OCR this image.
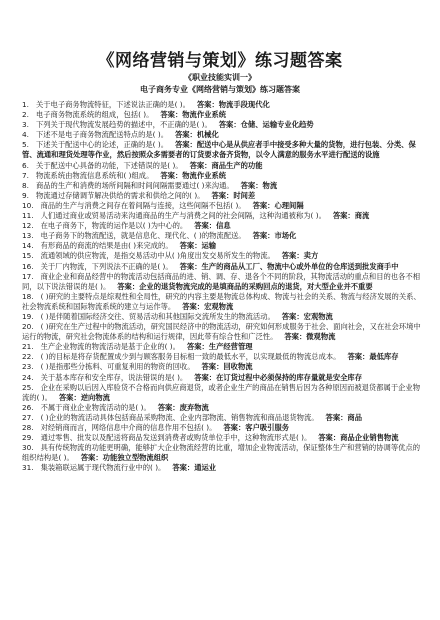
《网络营销与策划》练习题答案
《职业技能实训一》
电子商务专业《网络营销与策划》练习题答案

1. 关于电子商务物流特征，下述说法正确的是( )。 答案：物流手段现代化

2. 电子商务物流系统的组成，包括( )。 答案：物流作业系统

3. 下列关于现代物流发展趋势的描述中，不正确的是( )。 答案：仓储、运输专业化趋势

4. 下述不是电子商务物流配送特点的是( )。 答案：机械化

5. 下述关于配送中心的论述，正确的是( )。 答案：配送中心是从供应者手中接受多种大量的货物，进行包装、分类、保管、流通和理货处理等作业，然后按照众多需要者的订货要求备齐货物，以令人满意的服务水平进行配送的设施

6. 关于配送中心具备的功能，下述错误的是( )。 答案：商品生产的功能

7. 物流系统由物流信息系统和( )组成。 答案：物流作业系统

8. 商品的生产和消费的场所间隔和时间间隔需要通过( )来沟通。 答案：物流

9. 物流通过存储调节解决供给的需求和供给之间的( )。 答案：时间差

10. 商品的生产与消费之间存在着间隔与连接，这些间隔不包括( )。 答案：心理间隔

11. 人们通过商业或贸易活动来沟通商品的生产与消费之间的社会间隔，这种沟通被称为( )。 答案：商流

12. 在电子商务下，物流的运作是以( )为中心的。 答案：信息

13. 电子商务下的物流配送，就是信息化、现代化、( )的物流配送。 答案：市场化

14. 有形商品的商流的结果是由( )来完成的。 答案：运输

15. 流通领域的供应物流，是指交易活动中从( )角度出发交易所发生的物流。 答案：卖方

16. 关于厂内物流，下列说法不正确的是( )。 答案：生产的商品从工厂、物流中心或外单位的仓库送到批发商手中

17. 商业企业和商品经营中的物流活动包括商品的进、销、调、存、退各个不同的阶段，其物流活动的重点和目的也各不相同，以下说法错误的是( )。 答案：企业的退货物流完成的是填商品的采购回点的退货，对大型企业并不重要

18. ( )研究的主要特点是综观性和全局性，研究的内容主要是物流总体构成、物流与社会的关系、物流与经济发展的关系、社会物流系统和国际物流系统的建立与运作等。 答案：宏观物流

19. ( )是伴随着国际经济交往、贸易活动和其他国际交流所发生的物流活动。 答案：宏观物流

20. ( )研究在生产过程中的物流活动，研究国民经济中的物流活动，研究如何形成服务于社会、面向社会，又在社会环境中运行的物流，研究社会物流体系的结构和运行规律，因此带有综合性和广泛性。 答案：微观物流

21. 生产企业物流的物流活动是基于企业的( )。 答案：生产经营管理

22. ( )的目标是将存货配置成少到与顾客服务目标相一致的最低水平，以实现最低的物流总成本。 答案：最低库存

23. ( )是指那些分拣料、可重复利用的物资的回收。 答案：回收物流

24. 关于基本库存和安全库存，说法错误的是( )。 答案：在订货过程中必须保持的库存量就是安全库存

25. 企业在采购以后因入库验货不合格而向供应商退货，或者企业生产的商品在销售后因为各种原因而被退货都属于企业物流的( )。 答案：逆向物流

26. 不属于商业企业物流活动的是( )。 答案：废弃物流

27. ( )企业的物流活动具体包括商品采购物流、企业内部物流、销售物流和商品退货物流。 答案：商品

28. 对经销商而言，网络信息中介商的信息作用不包括( )。 答案：客户吸引服务

29. 通过零售、批发以及配送将商品发送到消费者或购货单位手中，这种物流形式是( )。 答案：商品企业销售物流

30. 具有传统物流的功能更明确，能够扩大企业物流经营的比重，增加企业物流活动，保证整体生产和营销的协调等优点的组织结构是( )。 答案：功能独立型物流组织

31. 集装箱联运属于现代物流行业中的( )。 答案：通运业
